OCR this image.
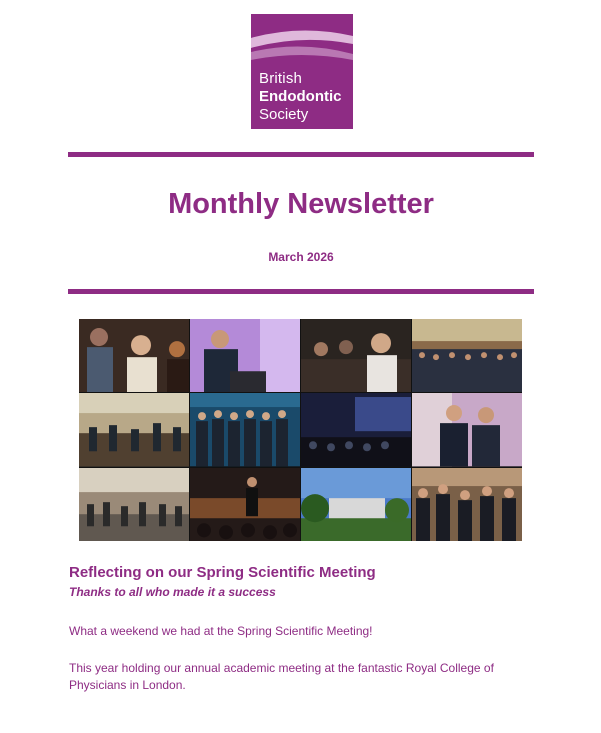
British
Endodontic
Society
Monthly Newsletter
March 2026
Reflecting on our Spring Scientific Meeting
Thanks to all who made it a success
What a weekend we had at the Spring Scientific Meeting!
This year holding our annual academic meeting at the fantastic Royal College of Physicians in London.
